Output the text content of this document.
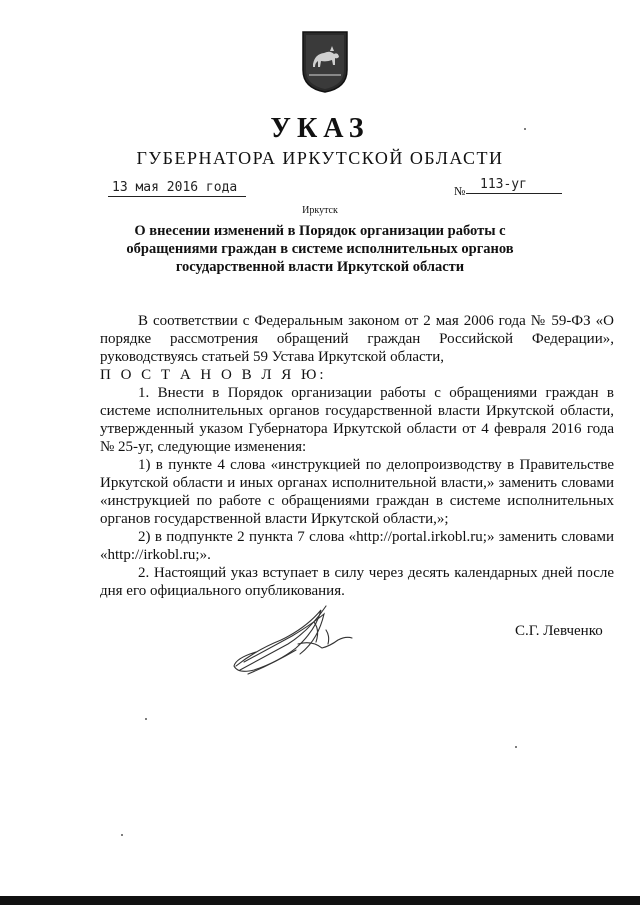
УКАЗ
ГУБЕРНАТОРА ИРКУТСКОЙ ОБЛАСТИ
13 мая 2016 года	№	113-уг
Иркутск
О внесении изменений в Порядок организации работы с обращениями граждан в системе исполнительных органов государственной власти Иркутской области

В соответствии с Федеральным законом от 2 мая 2006 года № 59-ФЗ «О порядке рассмотрения обращений граждан Российской Федерации», руководствуясь статьей 59 Устава Иркутской области,

П О С Т А Н О В Л Я Ю:

1. Внести в Порядок организации работы с обращениями граждан в системе исполнительных органов государственной власти Иркутской области, утвержденный указом Губернатора Иркутской области от 4 февраля 2016 года № 25-уг, следующие изменения:

1) в пункте 4 слова «инструкцией по делопроизводству в Правительстве Иркутской области и иных органах исполнительной власти,» заменить словами «инструкцией по работе с обращениями граждан в системе исполнительных органов государственной власти Иркутской области,»;

2) в подпункте 2 пункта 7 слова «http://portal.irkobl.ru;» заменить словами «http://irkobl.ru;».

2. Настоящий указ вступает в силу через десять календарных дней после дня его официального опубликования.

С.Г. Левченко
